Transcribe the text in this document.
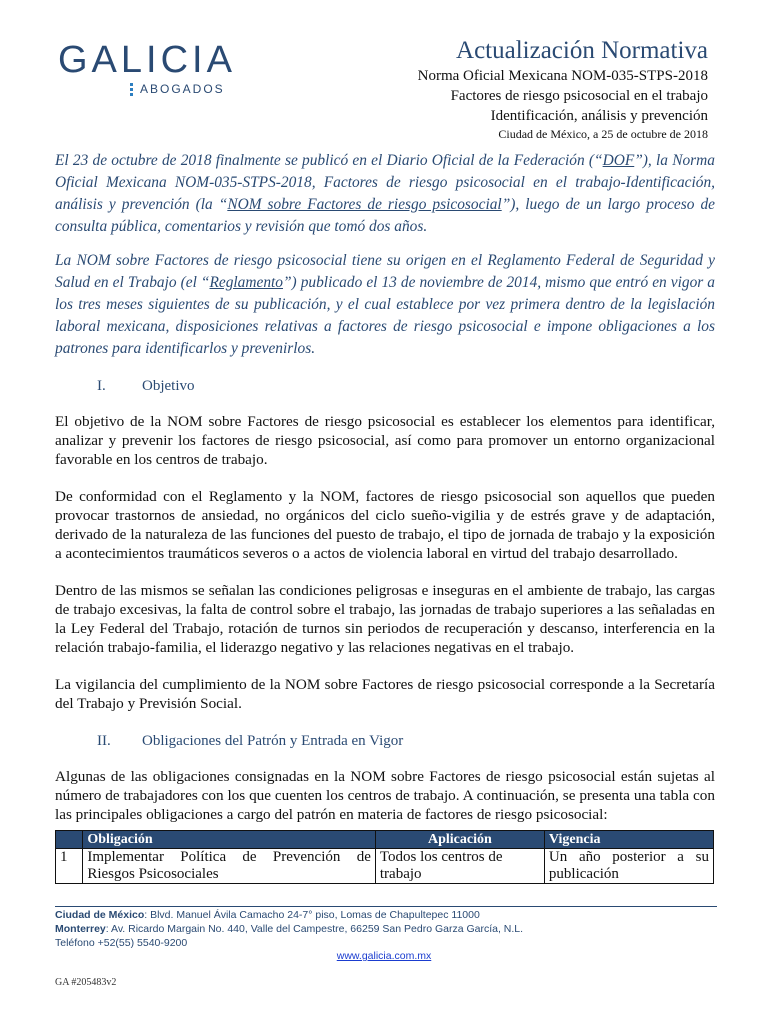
GALICIA
ABOGADOS
Actualización Normativa
Norma Oficial Mexicana NOM-035-STPS-2018
Factores de riesgo psicosocial en el trabajo
Identificación, análisis y prevención
Ciudad de México, a 25 de octubre de 2018

El 23 de octubre de 2018 finalmente se publicó en el Diario Oficial de la Federación (“DOF”), la Norma Oficial Mexicana NOM-035-STPS-2018, Factores de riesgo psicosocial en el trabajo-Identificación, análisis y prevención (la “NOM sobre Factores de riesgo psicosocial”), luego de un largo proceso de consulta pública, comentarios y revisión que tomó dos años.

La NOM sobre Factores de riesgo psicosocial tiene su origen en el Reglamento Federal de Seguridad y Salud en el Trabajo (el “Reglamento”) publicado el 13 de noviembre de 2014, mismo que entró en vigor a los tres meses siguientes de su publicación, y el cual establece por vez primera dentro de la legislación laboral mexicana, disposiciones relativas a factores de riesgo psicosocial e impone obligaciones a los patrones para identificarlos y prevenirlos.

I.	Objetivo

El objetivo de la NOM sobre Factores de riesgo psicosocial es establecer los elementos para identificar, analizar y prevenir los factores de riesgo psicosocial, así como para promover un entorno organizacional favorable en los centros de trabajo.

De conformidad con el Reglamento y la NOM, factores de riesgo psicosocial son aquellos que pueden provocar trastornos de ansiedad, no orgánicos del ciclo sueño-vigilia y de estrés grave y de adaptación, derivado de la naturaleza de las funciones del puesto de trabajo, el tipo de jornada de trabajo y la exposición a acontecimientos traumáticos severos o a actos de violencia laboral en virtud del trabajo desarrollado.

Dentro de las mismos se señalan las condiciones peligrosas e inseguras en el ambiente de trabajo, las cargas de trabajo excesivas, la falta de control sobre el trabajo, las jornadas de trabajo superiores a las señaladas en la Ley Federal del Trabajo, rotación de turnos sin periodos de recuperación y descanso, interferencia en la relación trabajo-familia, el liderazgo negativo y las relaciones negativas en el trabajo.

La vigilancia del cumplimiento de la NOM sobre Factores de riesgo psicosocial corresponde a la Secretaría del Trabajo y Previsión Social.

II.	Obligaciones del Patrón y Entrada en Vigor

Algunas de las obligaciones consignadas en la NOM sobre Factores de riesgo psicosocial están sujetas al número de trabajadores con los que cuenten los centros de trabajo. A continuación, se presenta una tabla con las principales obligaciones a cargo del patrón en materia de factores de riesgo psicosocial:

	Obligación	Aplicación	Vigencia
1	Implementar Política de Prevención de Riesgos Psicosociales	Todos los centros de trabajo	Un año posterior a su publicación
Ciudad de México: Blvd. Manuel Ávila Camacho 24-7° piso, Lomas de Chapultepec 11000
Monterrey: Av. Ricardo Margain No. 440, Valle del Campestre, 66259 San Pedro Garza García, N.L.
Teléfono +52(55) 5540-9200
www.galicia.com.mx
GA #205483v2
